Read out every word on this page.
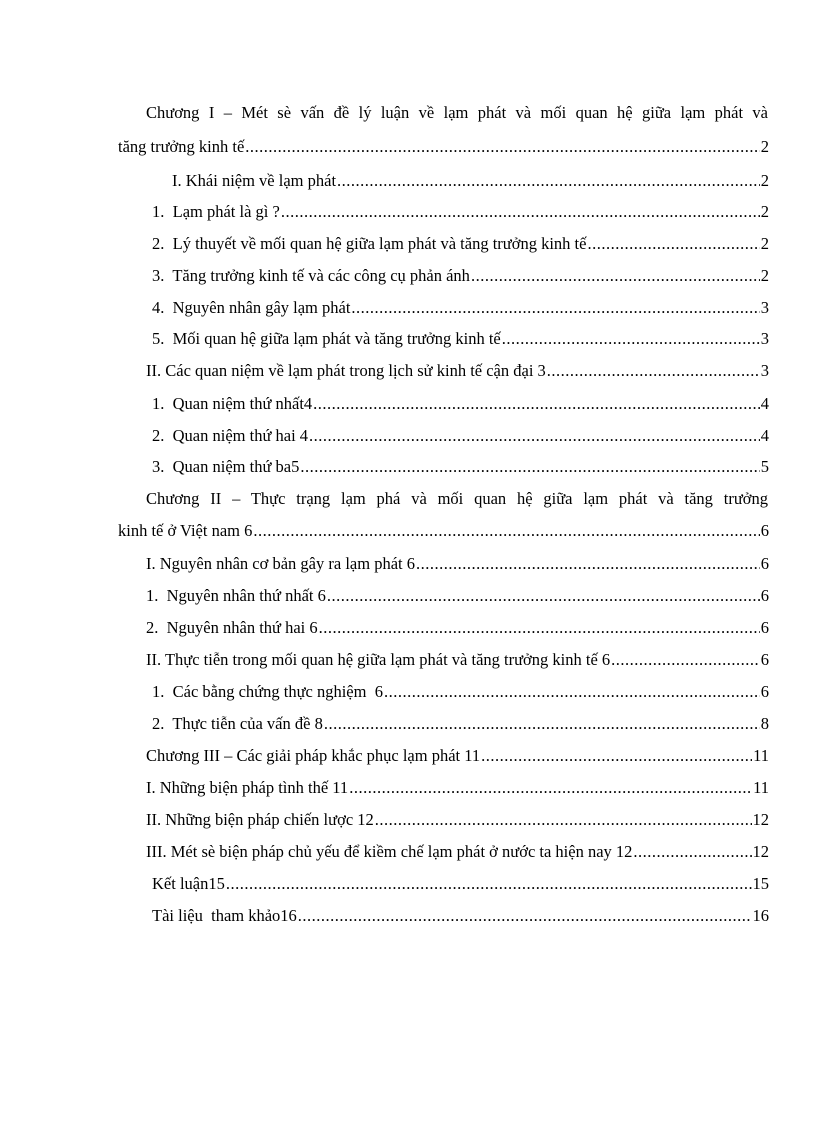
Chương I – Mét sè vấn đề lý luận về lạm phát và mối quan hệ giữa lạm phát và
tăng trưởng kinh tế .....	2
I. Khái niệm về lạm phát .....	2
1.  Lạm phát là gì ? .....	2
2.  Lý thuyết về mối quan hệ giữa lạm phát và tăng trưởng kinh tế .....	2
3.  Tăng trưởng kinh tế và các công cụ phản ánh .....	2
4.  Nguyên nhân gây lạm phát .....	3
5.  Mối quan hệ giữa lạm phát và tăng trưởng kinh tế .....	3
II. Các quan niệm về lạm phát trong lịch sử kinh tế cận đại 3 .....	3
1.  Quan niệm thứ nhất4 .....	4
2.  Quan niệm thứ hai 4 .....	4
3.  Quan niệm thứ ba5 .....	5
Chương II – Thực trạng lạm phá và mối quan hệ giữa lạm phát và tăng trưởng
kinh tế ở Việt nam 6 .....	6
I. Nguyên nhân cơ bản gây ra lạm phát 6 .....	6
1.  Nguyên nhân thứ nhất 6 .....	6
2.  Nguyên nhân thứ hai 6 .....	6
II. Thực tiễn trong mối quan hệ giữa lạm phát và tăng trưởng kinh tế 6 .....	6
1.  Các bằng chứng thực nghiệm  6 .....	6
2.  Thực tiễn của vấn đề 8 .....	8
Chương III – Các giải pháp khắc phục lạm phát 11 .....	11
I. Những biện pháp tình thế 11 .....	11
II. Những biện pháp chiến lược 12 .....	12
III. Mét sè biện pháp chủ yếu để kiềm chế lạm phát ở nước ta hiện nay 12 .....	12
Kết luận15 .....	15
Tài liệu  tham khảo16 .....	16
